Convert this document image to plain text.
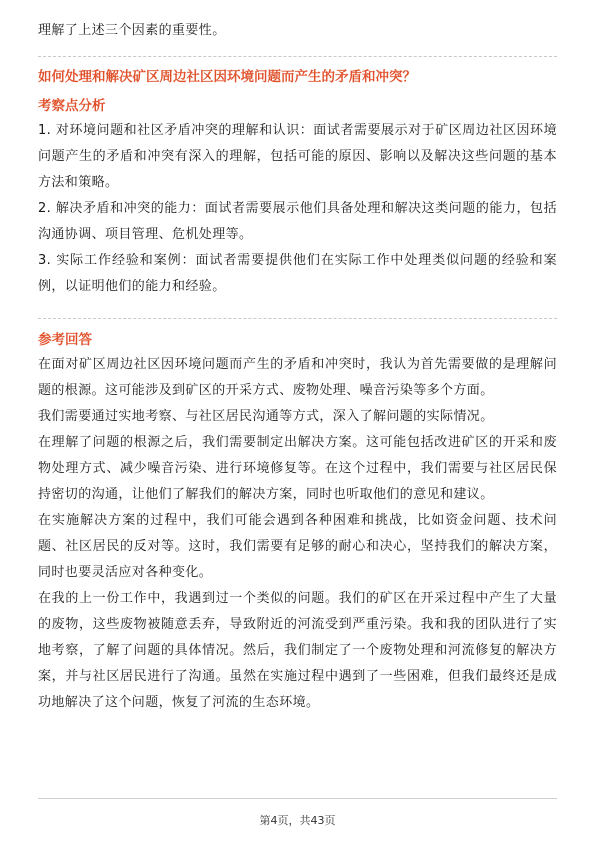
理解了上述三个因素的重要性。

如何处理和解决矿区周边社区因环境问题而产生的矛盾和冲突？

考察点分析

1. 对环境问题和社区矛盾冲突的理解和认识：面试者需要展示对于矿区周边社区因环境问题产生的矛盾和冲突有深入的理解，包括可能的原因、影响以及解决这些问题的基本方法和策略。

2. 解决矛盾和冲突的能力：面试者需要展示他们具备处理和解决这类问题的能力，包括沟通协调、项目管理、危机处理等。

3. 实际工作经验和案例：面试者需要提供他们在实际工作中处理类似问题的经验和案例，以证明他们的能力和经验。

参考回答

在面对矿区周边社区因环境问题而产生的矛盾和冲突时，我认为首先需要做的是理解问题的根源。这可能涉及到矿区的开采方式、废物处理、噪音污染等多个方面。

我们需要通过实地考察、与社区居民沟通等方式，深入了解问题的实际情况。

在理解了问题的根源之后，我们需要制定出解决方案。这可能包括改进矿区的开采和废物处理方式、减少噪音污染、进行环境修复等。在这个过程中，我们需要与社区居民保持密切的沟通，让他们了解我们的解决方案，同时也听取他们的意见和建议。

在实施解决方案的过程中，我们可能会遇到各种困难和挑战，比如资金问题、技术问题、社区居民的反对等。这时，我们需要有足够的耐心和决心，坚持我们的解决方案，同时也要灵活应对各种变化。

在我的上一份工作中，我遇到过一个类似的问题。我们的矿区在开采过程中产生了大量的废物，这些废物被随意丢弃，导致附近的河流受到严重污染。我和我的团队进行了实地考察，了解了问题的具体情况。然后，我们制定了一个废物处理和河流修复的解决方案，并与社区居民进行了沟通。虽然在实施过程中遇到了一些困难，但我们最终还是成功地解决了这个问题，恢复了河流的生态环境。

第4页，共43页
